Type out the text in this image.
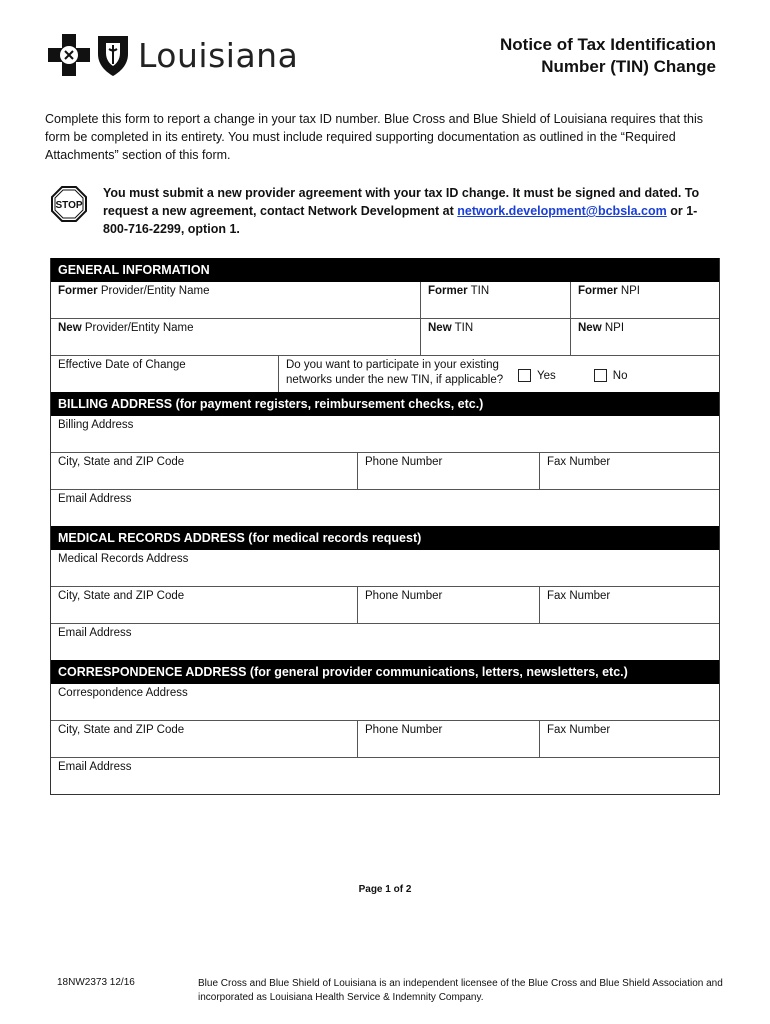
Louisiana	Notice of Tax Identification
Number (TIN) Change
Complete this form to report a change in your tax ID number. Blue Cross and Blue Shield of Louisiana requires that this form be completed in its entirety. You must include required supporting documentation as outlined in the “Required Attachments” section of this form.
STOP
You must submit a new provider agreement with your tax ID change. It must be signed and dated. To request a new agreement, contact Network Development at network.development@bcbsla.com or 1-800-716-2299, option 1.
GENERAL INFORMATION
Former Provider/Entity Name	Former TIN	Former NPI
New Provider/Entity Name	New TIN	New NPI
Effective Date of Change	Do you want to participate in your existing networks under the new TIN, if applicable?	Yes	No
BILLING ADDRESS (for payment registers, reimbursement checks, etc.)
Billing Address
City, State and ZIP Code	Phone Number	Fax Number
Email Address
MEDICAL RECORDS ADDRESS (for medical records request)
Medical Records Address
City, State and ZIP Code	Phone Number	Fax Number
Email Address
CORRESPONDENCE ADDRESS (for general provider communications, letters, newsletters, etc.)
Correspondence Address
City, State and ZIP Code	Phone Number	Fax Number
Email Address
Page 1 of 2
18NW2373 12/16	Blue Cross and Blue Shield of Louisiana is an independent licensee of the Blue Cross and Blue Shield Association and incorporated as Louisiana Health Service & Indemnity Company.
